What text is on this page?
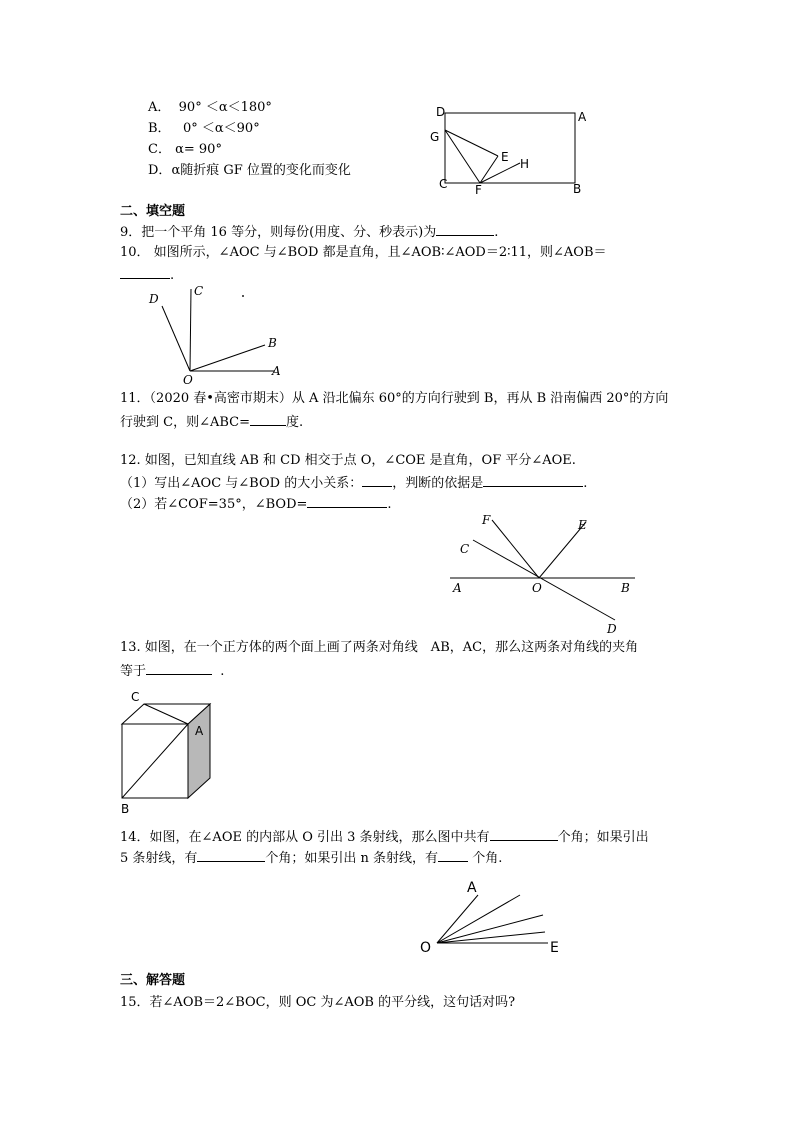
A． 90° ＜α＜180°
B． 0° ＜α＜90°
C． α= 90°
D．α随折痕 GF 位置的变化而变化
D	A
G
E H
C F	B
二、填空题
9．把一个平角 16 等分，则每份(用度、分、秒表示)为	.
10． 如图所示，∠AOC 与∠BOD 都是直角，且∠AOB∶∠AOD＝2∶11，则∠AOB＝
.
D
C
B
A
O
11．（2020 春•高密市期末）从 A 沿北偏东 60°的方向行驶到 B，再从 B 沿南偏西 20°的方向
行驶到 C，则∠ABC=	度.
12. 如图，已知直线 AB 和 CD 相交于点 O，∠COE 是直角，OF 平分∠AOE.
（1）写出∠AOC 与∠BOD 的大小关系： ，判断的依据是	.
（2）若∠COF=35°，∠BOD=	.
F	E
C
A	O	B
D
13. 如图，在一个正方体的两个面上画了两条对角线　AB，AC，那么这两条对角线的夹角
等于	.
C
A
B
14．如图，在∠AOE 的内部从 O 引出 3 条射线，那么图中共有	个角；如果引出
5 条射线，有	个角；如果引出 n 条射线，有	个角.
A
O	E
三、解答题
15．若∠AOB＝2∠BOC，则 OC 为∠AOB 的平分线，这句话对吗?
